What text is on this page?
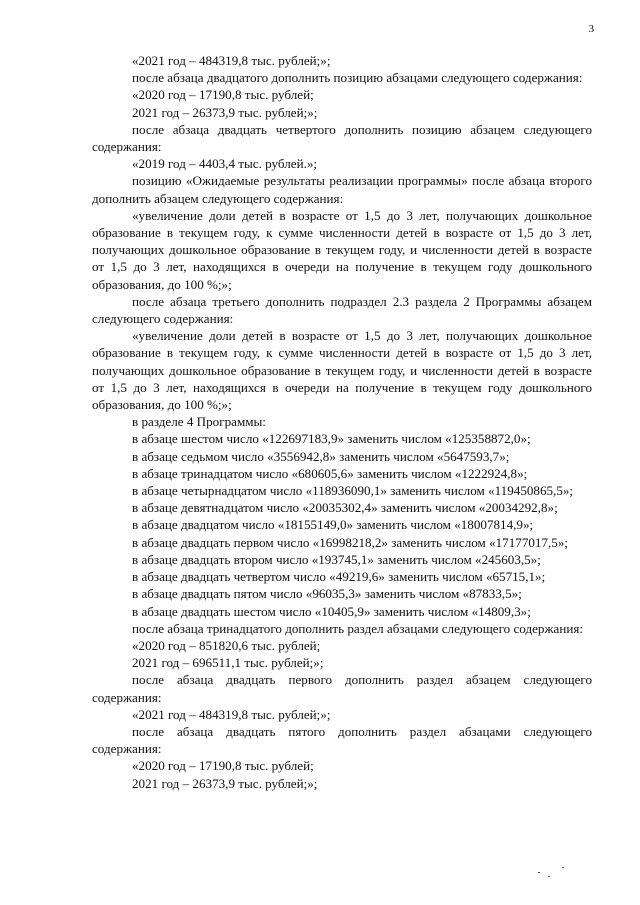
3

«2021 год – 484319,8 тыс. рублей;»;

после абзаца двадцатого дополнить позицию абзацами следующего содержания:

«2020 год – 17190,8 тыс. рублей;

2021 год – 26373,9 тыс. рублей;»;

после абзаца двадцать четвертого дополнить позицию абзацем следующего содержания:

«2019 год – 4403,4 тыс. рублей.»;

позицию «Ожидаемые результаты реализации программы» после абзаца второго дополнить абзацем следующего содержания:

«увеличение доли детей в возрасте от 1,5 до 3 лет, получающих дошкольное образование в текущем году, к сумме численности детей в возрасте от 1,5 до 3 лет, получающих дошкольное образование в текущем году, и численности детей в возрасте от 1,5 до 3 лет, находящихся в очереди на получение в текущем году дошкольного образования, до 100 %;»;

после абзаца третьего дополнить подраздел 2.3 раздела 2 Программы абзацем следующего содержания:

«увеличение доли детей в возрасте от 1,5 до 3 лет, получающих дошкольное образование в текущем году, к сумме численности детей в возрасте от 1,5 до 3 лет, получающих дошкольное образование в текущем году, и численности детей в возрасте от 1,5 до 3 лет, находящихся в очереди на получение в текущем году дошкольного образования, до 100 %;»;

в разделе 4 Программы:

в абзаце шестом число «122697183,9» заменить числом «125358872,0»;

в абзаце седьмом число «3556942,8» заменить числом «5647593,7»;

в абзаце тринадцатом число «680605,6» заменить числом «1222924,8»;

в абзаце четырнадцатом число «118936090,1» заменить числом «119450865,5»;

в абзаце девятнадцатом число «20035302,4» заменить числом «20034292,8»;

в абзаце двадцатом число «18155149,0» заменить числом «18007814,9»;

в абзаце двадцать первом число «16998218,2» заменить числом «17177017,5»;

в абзаце двадцать втором число «193745,1» заменить числом «245603,5»;

в абзаце двадцать четвертом число «49219,6» заменить числом «65715,1»;

в абзаце двадцать пятом число «96035,3» заменить числом «87833,5»;

в абзаце двадцать шестом число «10405,9» заменить числом «14809,3»;

после абзаца тринадцатого дополнить раздел абзацами следующего содержания:

«2020 год – 851820,6 тыс. рублей;

2021 год – 696511,1 тыс. рублей;»;

после абзаца двадцать первого дополнить раздел абзацем следующего содержания:

«2021 год – 484319,8 тыс. рублей;»;

после абзаца двадцать пятого дополнить раздел абзацами следующего содержания:

«2020 год – 17190,8 тыс. рублей;

2021 год – 26373,9 тыс. рублей;»;
